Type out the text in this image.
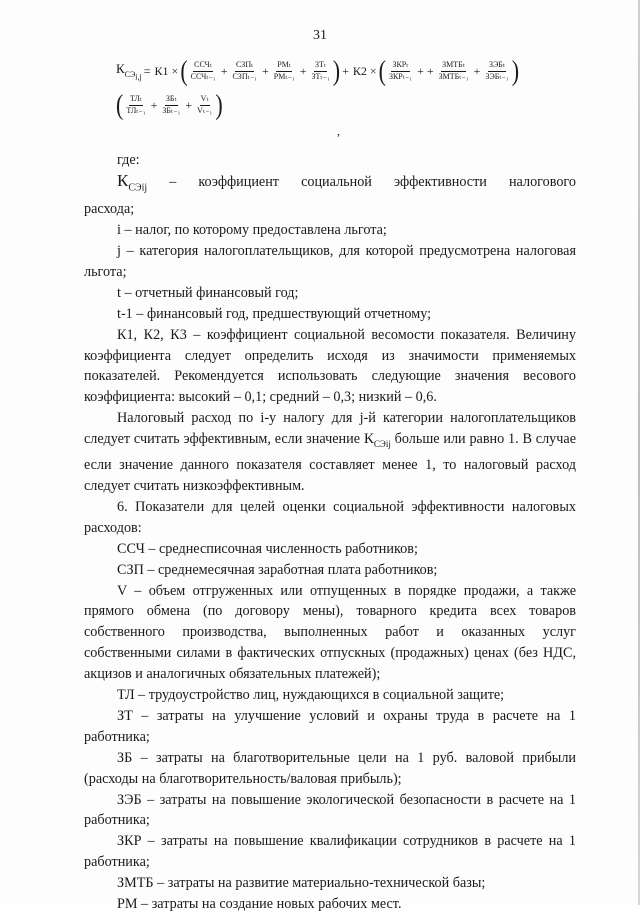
31
$К_{СЭ_{i,j}} = К1$ × ( $\frac{\text{ССЧₜ}}{\text{ССЧₜ₋₁}} + \frac{\text{СЗПₜ}}{\text{СЗПₜ₋₁}} + \frac{\text{РМₜ}}{\text{РМₜ₋₁}} + \frac{\text{ЗТₜ}}{\text{ЗТₜ₋₁}}$ ) + К2 × ( $\frac{\text{ЗКРₜ}}{\text{ЗКРₜ₋₁}}$ + + $\frac{\text{ЗМТБₜ}}{\text{ЗМТБₜ₋₁}} + \frac{\text{ЗЭБₜ}}{\text{ЗЭБₜ₋₁}}$ )
( $\frac{\text{ТЛₜ}}{\text{ТЛₜ₋₁}} + \frac{\text{ЗБₜ}}{\text{ЗБₜ₋₁}} + \frac{\text{Vₜ}}{\text{Vₜ₋₁}}$ )
,

где:

$К_{СЭij}$ – коэффициент социальной эффективности налогового

расхода;

i – налог, по которому предоставлена льгота;

j – категория налогоплательщиков, для которой предусмотрена налоговая льгота;

t – отчетный финансовый год;

t-1 – финансовый год, предшествующий отчетному;

К1, К2, К3 – коэффициент социальной весомости показателя. Величину коэффициента следует определить исходя из значимости применяемых показателей. Рекомендуется использовать следующие значения весового коэффициента: высокий – 0,1; средний – 0,3; низкий – 0,6.

Налоговый расход по i-у налогу для j-й категории налогоплательщиков следует считать эффективным, если значение $К_{СЭij}$ больше или равно 1. В случае если значение данного показателя составляет менее 1, то налоговый расход следует считать низкоэффективным.

6. Показатели для целей оценки социальной эффективности налоговых расходов:

ССЧ – среднесписочная численность работников;

СЗП – среднемесячная заработная плата работников;

V – объем отгруженных или отпущенных в порядке продажи, а также прямого обмена (по договору мены), товарного кредита всех товаров собственного производства, выполненных работ и оказанных услуг собственными силами в фактических отпускных (продажных) ценах (без НДС, акцизов и аналогичных обязательных платежей);

ТЛ – трудоустройство лиц, нуждающихся в социальной защите;

ЗТ – затраты на улучшение условий и охраны труда в расчете на 1 работника;

ЗБ – затраты на благотворительные цели на 1 руб. валовой прибыли (расходы на благотворительность/валовая прибыль);

ЗЭБ – затраты на повышение экологической безопасности в расчете на 1 работника;

ЗКР – затраты на повышение квалификации сотрудников в расчете на 1 работника;

ЗМТБ – затраты на развитие материально-технической базы;

РМ – затраты на создание новых рабочих мест.
